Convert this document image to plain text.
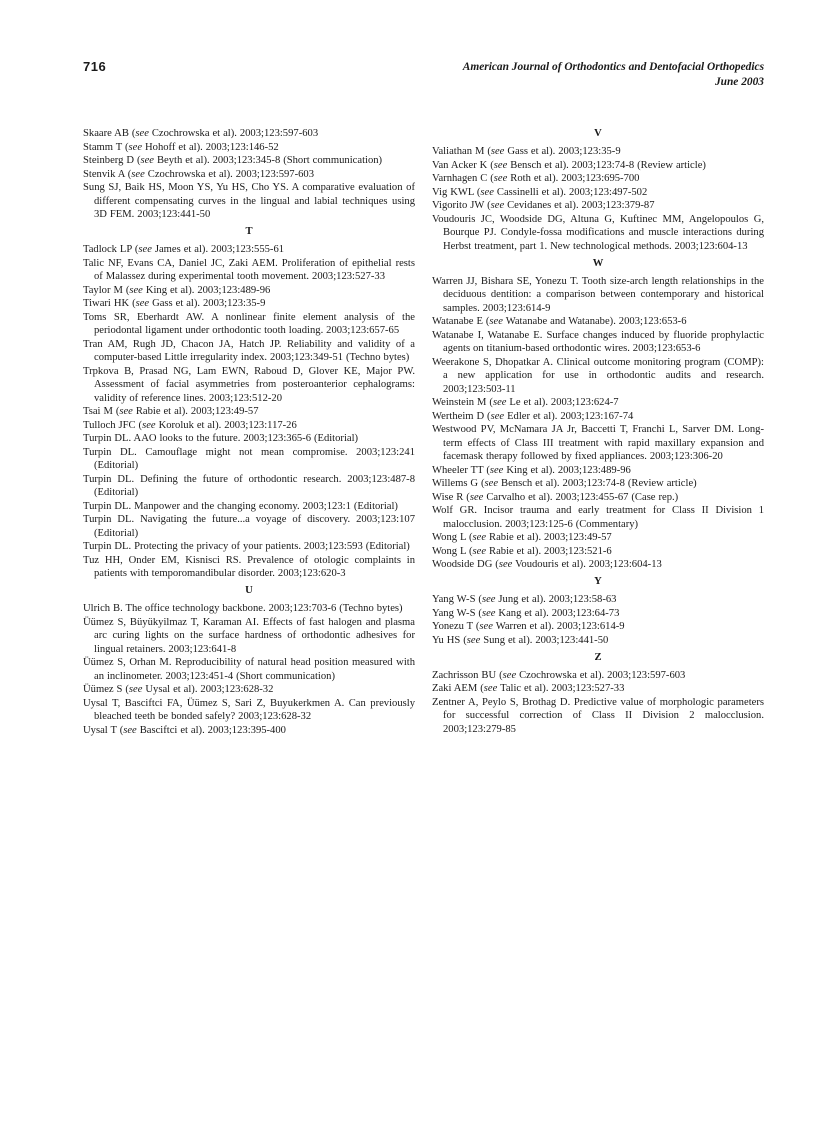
716	American Journal of Orthodontics and Dentofacial Orthopedics
June 2003

Skaare AB (see Czochrowska et al). 2003;123:597-603

Stamm T (see Hohoff et al). 2003;123:146-52

Steinberg D (see Beyth et al). 2003;123:345-8 (Short communication)

Stenvik A (see Czochrowska et al). 2003;123:597-603

Sung SJ, Baik HS, Moon YS, Yu HS, Cho YS. A comparative evaluation of different compensating curves in the lingual and labial techniques using 3D FEM. 2003;123:441-50

T

Tadlock LP (see James et al). 2003;123:555-61

Talic NF, Evans CA, Daniel JC, Zaki AEM. Proliferation of epithelial rests of Malassez during experimental tooth movement. 2003;123:527-33

Taylor M (see King et al). 2003;123:489-96

Tiwari HK (see Gass et al). 2003;123:35-9

Toms SR, Eberhardt AW. A nonlinear finite element analysis of the periodontal ligament under orthodontic tooth loading. 2003;123:657-65

Tran AM, Rugh JD, Chacon JA, Hatch JP. Reliability and validity of a computer-based Little irregularity index. 2003;123:349-51 (Techno bytes)

Trpkova B, Prasad NG, Lam EWN, Raboud D, Glover KE, Major PW. Assessment of facial asymmetries from posteroanterior cephalograms: validity of reference lines. 2003;123:512-20

Tsai M (see Rabie et al). 2003;123:49-57

Tulloch JFC (see Koroluk et al). 2003;123:117-26

Turpin DL. AAO looks to the future. 2003;123:365-6 (Editorial)

Turpin DL. Camouflage might not mean compromise. 2003;123:241 (Editorial)

Turpin DL. Defining the future of orthodontic research. 2003;123:487-8 (Editorial)

Turpin DL. Manpower and the changing economy. 2003;123:1 (Editorial)

Turpin DL. Navigating the future...a voyage of discovery. 2003;123:107 (Editorial)

Turpin DL. Protecting the privacy of your patients. 2003;123:593 (Editorial)

Tuz HH, Onder EM, Kisnisci RS. Prevalence of otologic complaints in patients with temporomandibular disorder. 2003;123:620-3

U

Ulrich B. The office technology backbone. 2003;123:703-6 (Techno bytes)

Üümez S, Büyükyilmaz T, Karaman AI. Effects of fast halogen and plasma arc curing lights on the surface hardness of orthodontic adhesives for lingual retainers. 2003;123:641-8

Üümez S, Orhan M. Reproducibility of natural head position measured with an inclinometer. 2003;123:451-4 (Short communication)

Üümez S (see Uysal et al). 2003;123:628-32

Uysal T, Basciftci FA, Üümez S, Sari Z, Buyukerkmen A. Can previously bleached teeth be bonded safely? 2003;123:628-32

Uysal T (see Basciftci et al). 2003;123:395-400

V

Valiathan M (see Gass et al). 2003;123:35-9

Van Acker K (see Bensch et al). 2003;123:74-8 (Review article)

Varnhagen C (see Roth et al). 2003;123:695-700

Vig KWL (see Cassinelli et al). 2003;123:497-502

Vigorito JW (see Cevidanes et al). 2003;123:379-87

Voudouris JC, Woodside DG, Altuna G, Kuftinec MM, Angelopoulos G, Bourque PJ. Condyle-fossa modifications and muscle interactions during Herbst treatment, part 1. New technological methods. 2003;123:604-13

W

Warren JJ, Bishara SE, Yonezu T. Tooth size-arch length relationships in the deciduous dentition: a comparison between contemporary and historical samples. 2003;123:614-9

Watanabe E (see Watanabe and Watanabe). 2003;123:653-6

Watanabe I, Watanabe E. Surface changes induced by fluoride prophylactic agents on titanium-based orthodontic wires. 2003;123:653-6

Weerakone S, Dhopatkar A. Clinical outcome monitoring program (COMP): a new application for use in orthodontic audits and research. 2003;123:503-11

Weinstein M (see Le et al). 2003;123:624-7

Wertheim D (see Edler et al). 2003;123:167-74

Westwood PV, McNamara JA Jr, Baccetti T, Franchi L, Sarver DM. Long-term effects of Class III treatment with rapid maxillary expansion and facemask therapy followed by fixed appliances. 2003;123:306-20

Wheeler TT (see King et al). 2003;123:489-96

Willems G (see Bensch et al). 2003;123:74-8 (Review article)

Wise R (see Carvalho et al). 2003;123:455-67 (Case rep.)

Wolf GR. Incisor trauma and early treatment for Class II Division 1 malocclusion. 2003;123:125-6 (Commentary)

Wong L (see Rabie et al). 2003;123:49-57

Wong L (see Rabie et al). 2003;123:521-6

Woodside DG (see Voudouris et al). 2003;123:604-13

Y

Yang W-S (see Jung et al). 2003;123:58-63

Yang W-S (see Kang et al). 2003;123:64-73

Yonezu T (see Warren et al). 2003;123:614-9

Yu HS (see Sung et al). 2003;123:441-50

Z

Zachrisson BU (see Czochrowska et al). 2003;123:597-603

Zaki AEM (see Talic et al). 2003;123:527-33

Zentner A, Peylo S, Brothag D. Predictive value of morphologic parameters for successful correction of Class II Division 2 malocclusion. 2003;123:279-85
